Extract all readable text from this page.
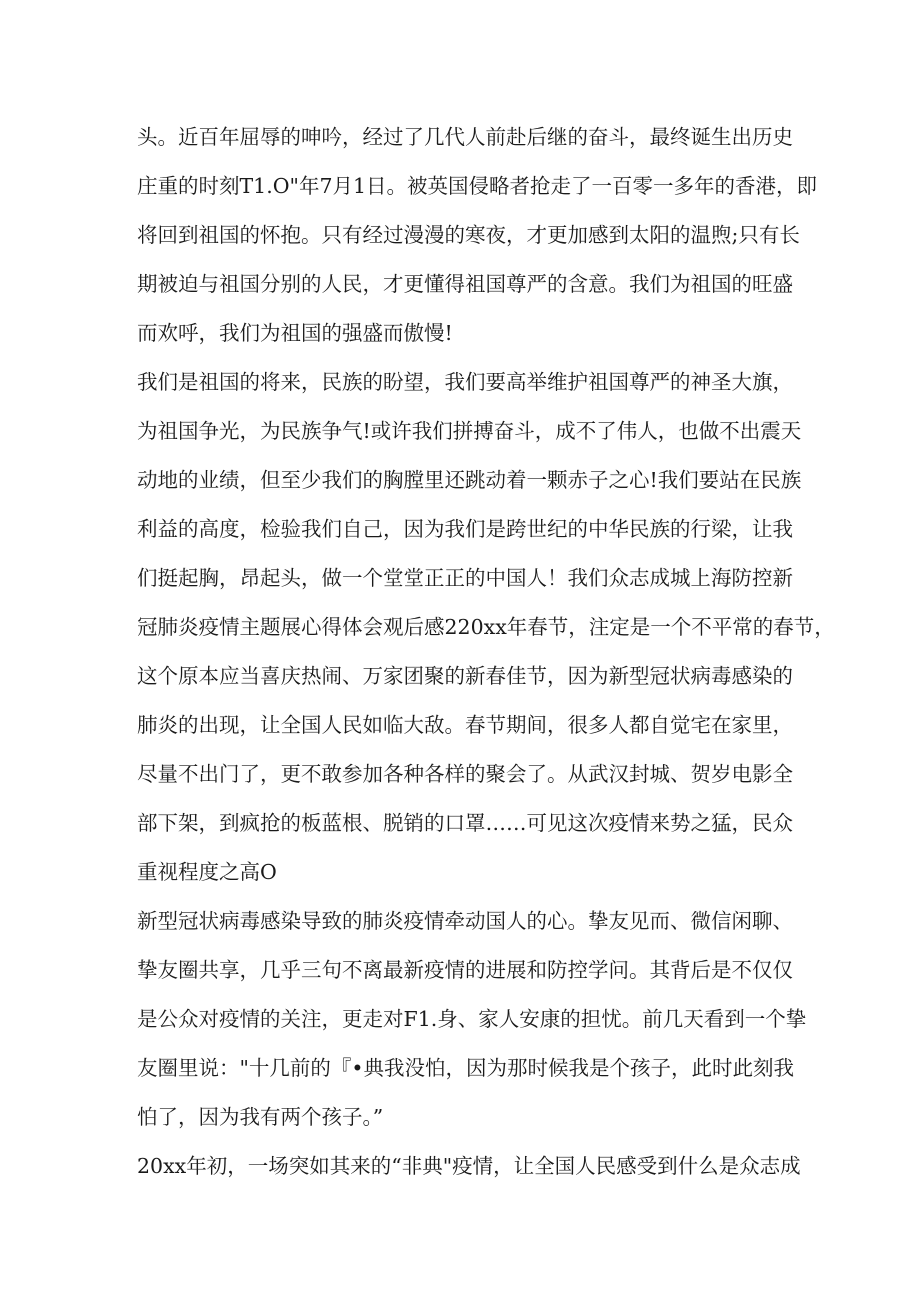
头。近百年屈辱的呻吟，经过了几代人前赴后继的奋斗，最终诞生出历史
庄重的时刻T1.O"年7月1日。被英国侵略者抢走了一百零一多年的香港，即
将回到祖国的怀抱。只有经过漫漫的寒夜，才更加感到太阳的温煦;只有长
期被迫与祖国分别的人民，才更懂得祖国尊严的含意。我们为祖国的旺盛
而欢呼，我们为祖国的强盛而傲慢!
我们是祖国的将来，民族的盼望，我们要高举维护祖国尊严的神圣大旗，
为祖国争光，为民族争气!或许我们拼搏奋斗，成不了伟人，也做不出震天
动地的业绩，但至少我们的胸膛里还跳动着一颗赤子之心!我们要站在民族
利益的高度，检验我们自己，因为我们是跨世纪的中华民族的行梁，让我
们挺起胸，昂起头，做一个堂堂正正的中国人！我们众志成城上海防控新
冠肺炎疫情主题展心得体会观后感220xx年春节，注定是一个不平常的春节，
这个原本应当喜庆热闹、万家团聚的新春佳节，因为新型冠状病毒感染的
肺炎的出现，让全国人民如临大敌。春节期间，很多人都自觉宅在家里，
尽量不出门了，更不敢参加各种各样的聚会了。从武汉封城、贺岁电影全
部下架，到疯抢的板蓝根、脱销的口罩……可见这次疫情来势之猛，民众
重视程度之高O
新型冠状病毒感染导致的肺炎疫情牵动国人的心。挚友见而、微信闲聊、
挚友圈共享，几乎三句不离最新疫情的进展和防控学问。其背后是不仅仅
是公众对疫情的关注，更走对F1.身、家人安康的担忧。前几天看到一个挚
友圈里说："十几前的『•典我没怕，因为那时候我是个孩子，此时此刻我
怕了，因为我有两个孩子。”
20xx年初，一场突如其来的“非典"疫情，让全国人民感受到什么是众志成
